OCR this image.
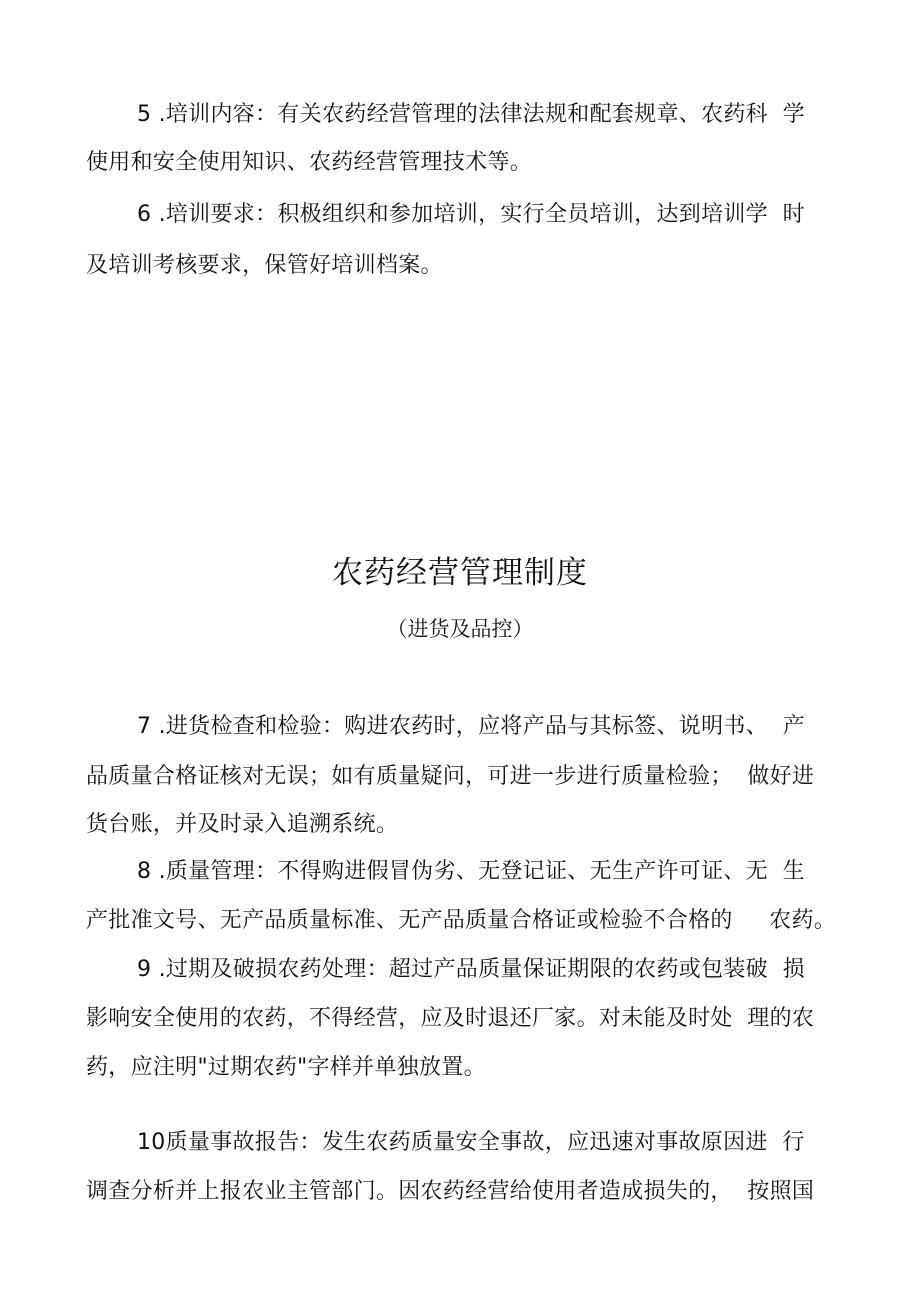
5 .培训内容：有关农药经营管理的法律法规和配套规章、农药科  学
使用和安全使用知识、农药经营管理技术等。
6 .培训要求：积极组织和参加培训，实行全员培训，达到培训学  时
及培训考核要求，保管好培训档案。
农药经营管理制度
（进货及品控）
7 .进货检查和检验：购进农药时，应将产品与其标签、说明书、  产
品质量合格证核对无误；如有质量疑问，可进一步进行质量检验；  做好进
货台账，并及时录入追溯系统。
8 .质量管理：不得购进假冒伪劣、无登记证、无生产许可证、无  生
产批准文号、无产品质量标准、无产品质量合格证或检验不合格的     农药。
9 .过期及破损农药处理：超过产品质量保证期限的农药或包装破  损
影响安全使用的农药，不得经营，应及时退还厂家。对未能及时处  理的农
药，应注明"过期农药"字样并单独放置。
10质量事故报告：发生农药质量安全事故，应迅速对事故原因进  行
调查分析并上报农业主管部门。因农药经营给使用者造成损失的，  按照国
